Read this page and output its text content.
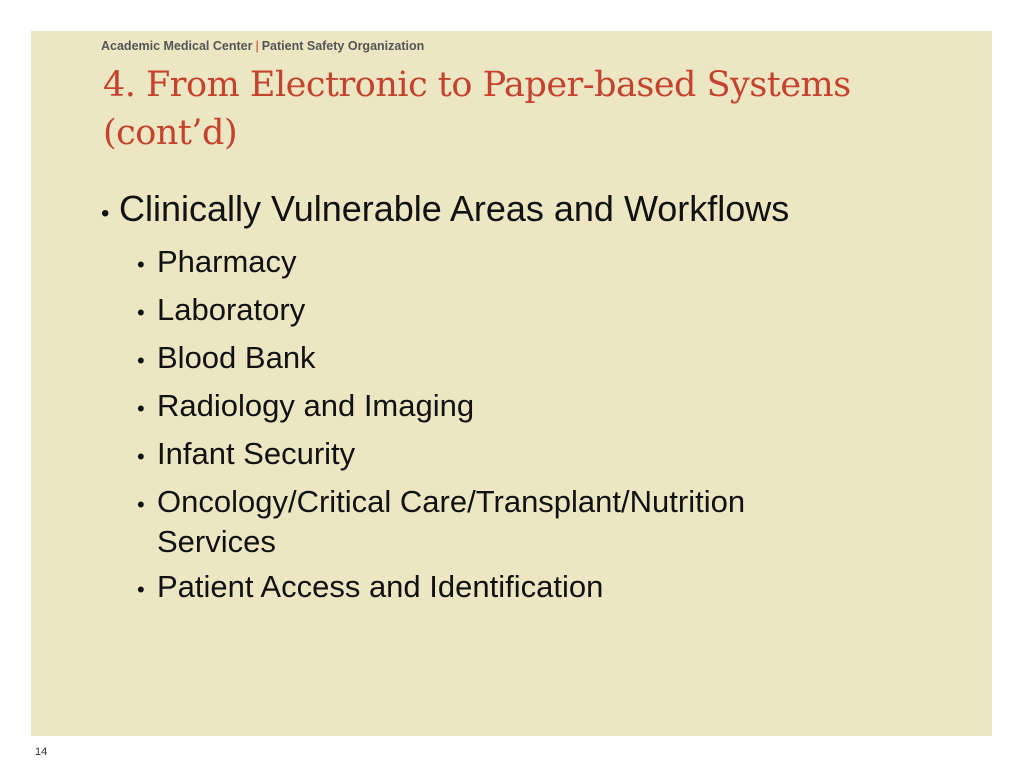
Academic Medical Center | Patient Safety Organization
4. From Electronic to Paper-based Systems (cont’d)
• Clinically Vulnerable Areas and Workflows
• Pharmacy
• Laboratory
• Blood Bank
• Radiology and Imaging
• Infant Security
• Oncology/Critical Care/Transplant/Nutrition Services
• Patient Access and Identification
14
